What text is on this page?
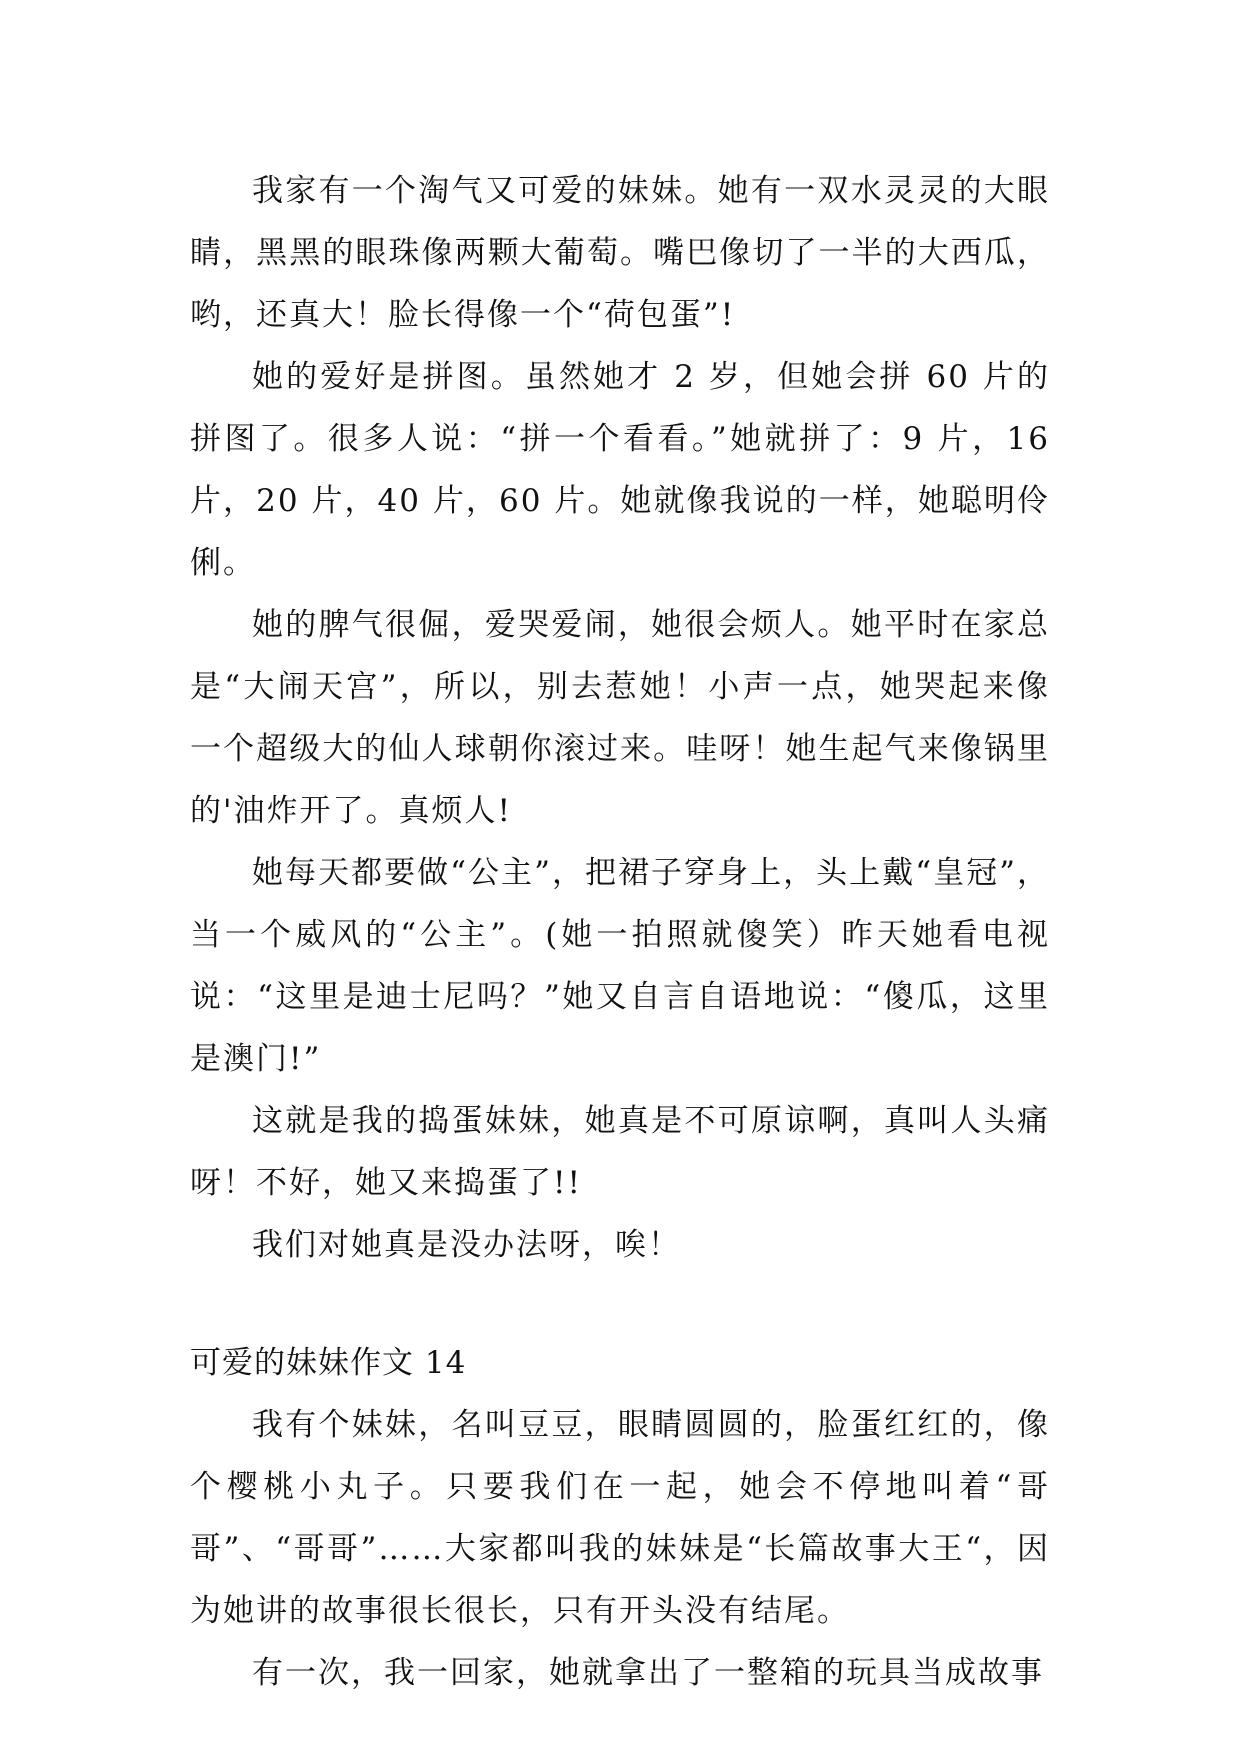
我家有一个淘气又可爱的妹妹。她有一双水灵灵的大眼睛，黑黑的眼珠像两颗大葡萄。嘴巴像切了一半的大西瓜，哟，还真大！脸长得像一个“荷包蛋”!

她的爱好是拼图。虽然她才 2 岁，但她会拼 60 片的拼图了。很多人说：“拼一个看看。”她就拼了：9 片，16 片，20 片，40 片，60 片。她就像我说的一样，她聪明伶俐。

她的脾气很倔，爱哭爱闹，她很会烦人。她平时在家总是“大闹天宫”，所以，别去惹她！小声一点，她哭起来像一个超级大的仙人球朝你滚过来。哇呀！她生起气来像锅里的'油炸开了。真烦人!

她每天都要做“公主”，把裙子穿身上，头上戴“皇冠”，当一个威风的“公主”。(她一拍照就傻笑）昨天她看电视说：“这里是迪士尼吗？”她又自言自语地说：“傻瓜，这里是澳门!”

这就是我的捣蛋妹妹，她真是不可原谅啊，真叫人头痛呀！不好，她又来捣蛋了!!

我们对她真是没办法呀，唉！

可爱的妹妹作文 14

我有个妹妹，名叫豆豆，眼睛圆圆的，脸蛋红红的，像个樱桃小丸子。只要我们在一起，她会不停地叫着“哥哥”、“哥哥”……大家都叫我的妹妹是“长篇故事大王“，因为她讲的故事很长很长，只有开头没有结尾。

有一次，我一回家，她就拿出了一整箱的玩具当成故事
